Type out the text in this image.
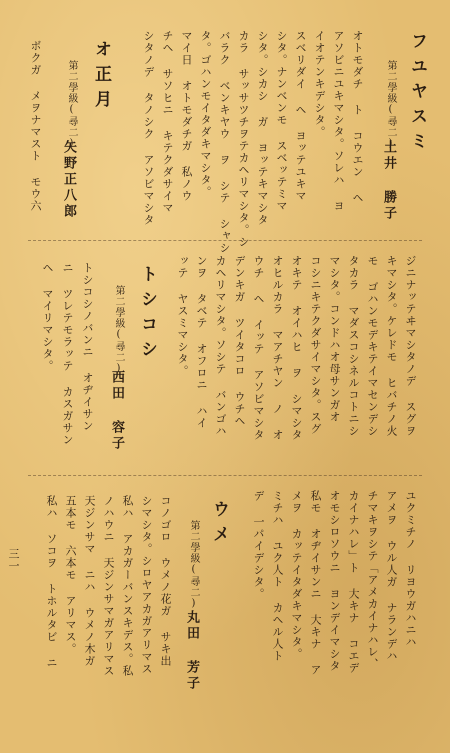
フユヤスミ
第二學級(尋二)
土井 勝子
オトモダチ ト コウエン ヘ
アソビニユキマシタ。ソレハ ヨ
イオテンキデシタ。
スベリダイ ヘ ヨッテユキマ
シタ。ナンベンモ スベッテミマ
シタ。シカシ ガ ヨッテキマシタ
カラ サッサツチヲテカヘリマシタ。シ
バラク ベンキヤウ ヲ シテ シャシ
タ。ゴハンモイタダキマシタ。
マイ日 オトモダチガ 私ノウ
チヘ サソヒニ キテクダサイマ
シタノデ タノシク アソビマシタ
オ正月
第二學級(尋二)
矢野正八郎
ボクガ メヲナマスト モウ六
ジニナッテヰマシタノデ スグヲ
キマシタ。ケレドモ ヒバチノ火
モ ゴハンモデキテイマセンデシ
タカラ マダスコシネルコトニシ
マシタ。コンドハオ母サンガオ
コシニキテクダサイマシタ。スグ
オキテ オイハヒ ヲ シマシタ
オヒルカラ マアチヤン ノ オ
ウチ ヘ イッテ アソビマシタ
デンキガ ツイタコロ ウチヘ
カヘリマシタ。ソシテ バンゴハ
ンヲ タベテ オフロニ ハイ
ッテ ヤスミマシタ。
トシコシ
第二學級(尋二)
西田 容子
トシコシノバンニ オヂイサン
ニ ツレテモラッテ カスガサン
ヘ マイリマシタ。
ユクミチノ リヨウガハニハ
アメヲ ウル人ガ ナランデハ
チマキヲシテ「アメカイナハレ、
カイナハレ」ト 大キナ コエデ
オモシロソウニ ヨンデイマシタ
私モ オヂイサンニ 大キナ ア
メヲ カッテイタダキマシタ。
ミチハ ユク人ト カヘル人ト
デ 一パイデシタ。
ウメ
第二學級(尋二)
丸田 芳子
コノゴロ ウメノ花ガ サキ出
シマシタ。シロヤアカガアリマス
私ハ アカガーバンスキデス。私
ノハウニ 天ジンサマガアリマス
天ジンサマ ニハ ウメノ木ガ
五本モ 六本モ アリマス。
私ハ ソコヲ トホルタビ ニ
三一
